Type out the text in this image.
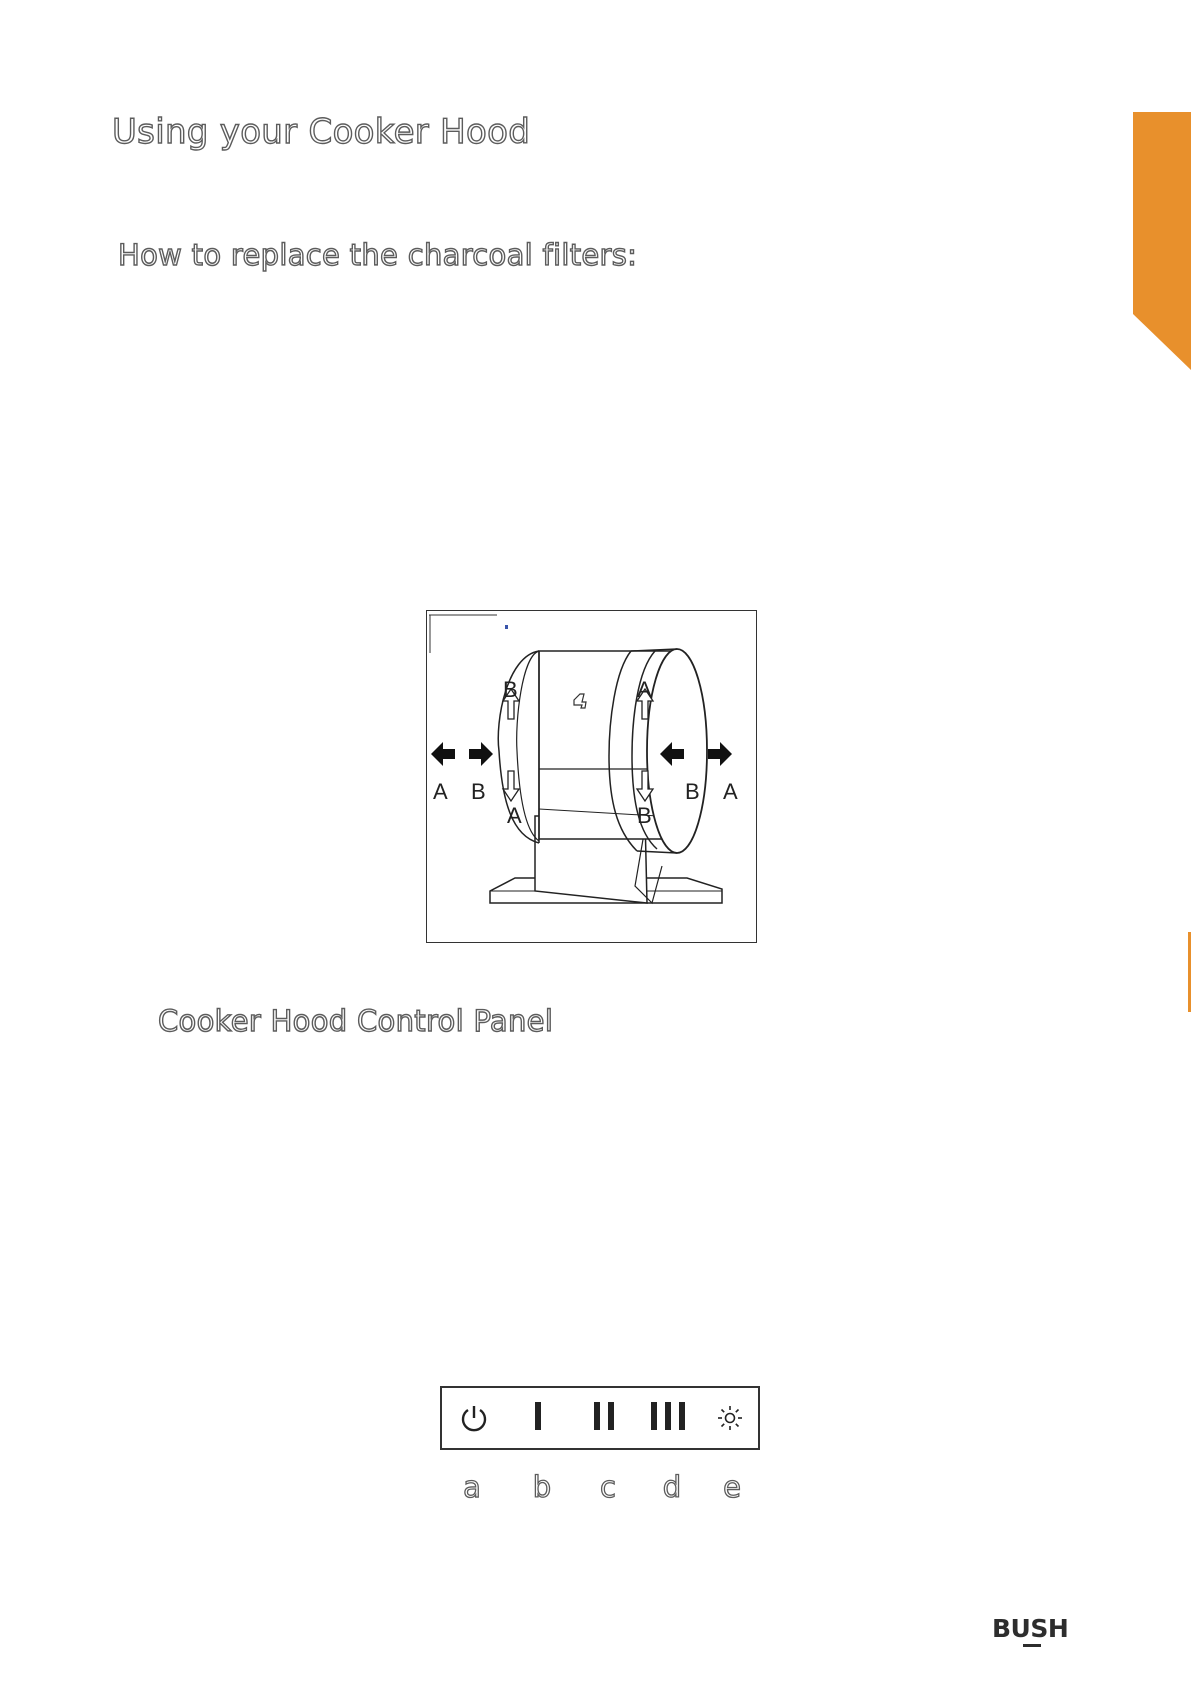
Using your Cooker Hood
How to replace the charcoal filters:
A B	B A
B
A
A
B
Cooker Hood Control Panel
a	b	c	d	e
BUSH
